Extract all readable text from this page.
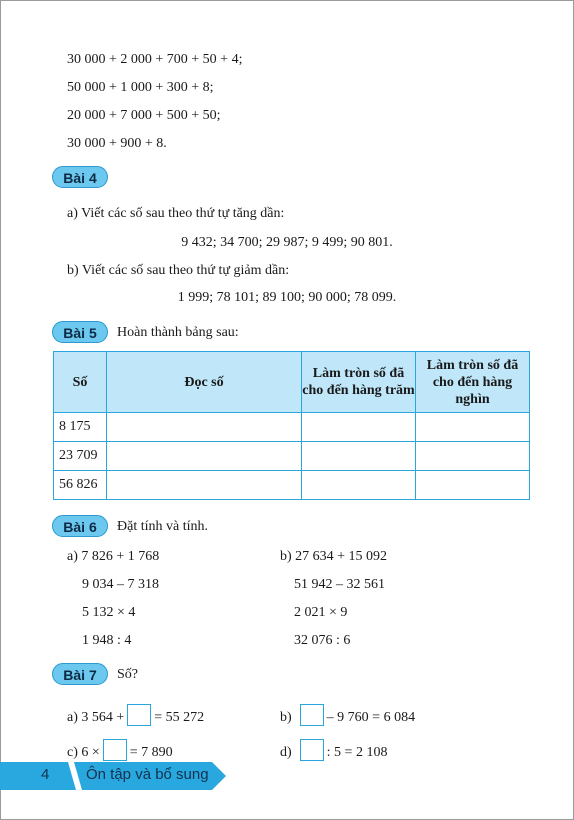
30 000 + 2 000 + 700 + 50 + 4;
50 000 + 1 000 + 300 + 8;
20 000 + 7 000 + 500 + 50;
30 000 + 900 + 8.
Bài 4
a) Viết các số sau theo thứ tự tăng dần:
9 432; 34 700; 29 987; 9 499; 90 801.
b) Viết các số sau theo thứ tự giảm dần:
1 999; 78 101; 89 100; 90 000; 78 099.
Bài 5	Hoàn thành bảng sau:
Số	Đọc số	Làm tròn số đã cho đến hàng trăm	Làm tròn số đã cho đến hàng nghìn
8 175			
23 709			
56 826			
Bài 6	Đặt tính và tính.
a) 7 826 + 1 768
9 034 – 7 318
5 132 × 4
1 948 : 4
b) 27 634 + 15 092
51 942 – 32 561
2 021 × 9
32 076 : 6
Bài 7	Số?
a) 3 564 + = 55 272	b)	– 9 760 = 6 084
c) 6 × = 7 890	d)	: 5 = 2 108
4 Ôn tập và bổ sung
